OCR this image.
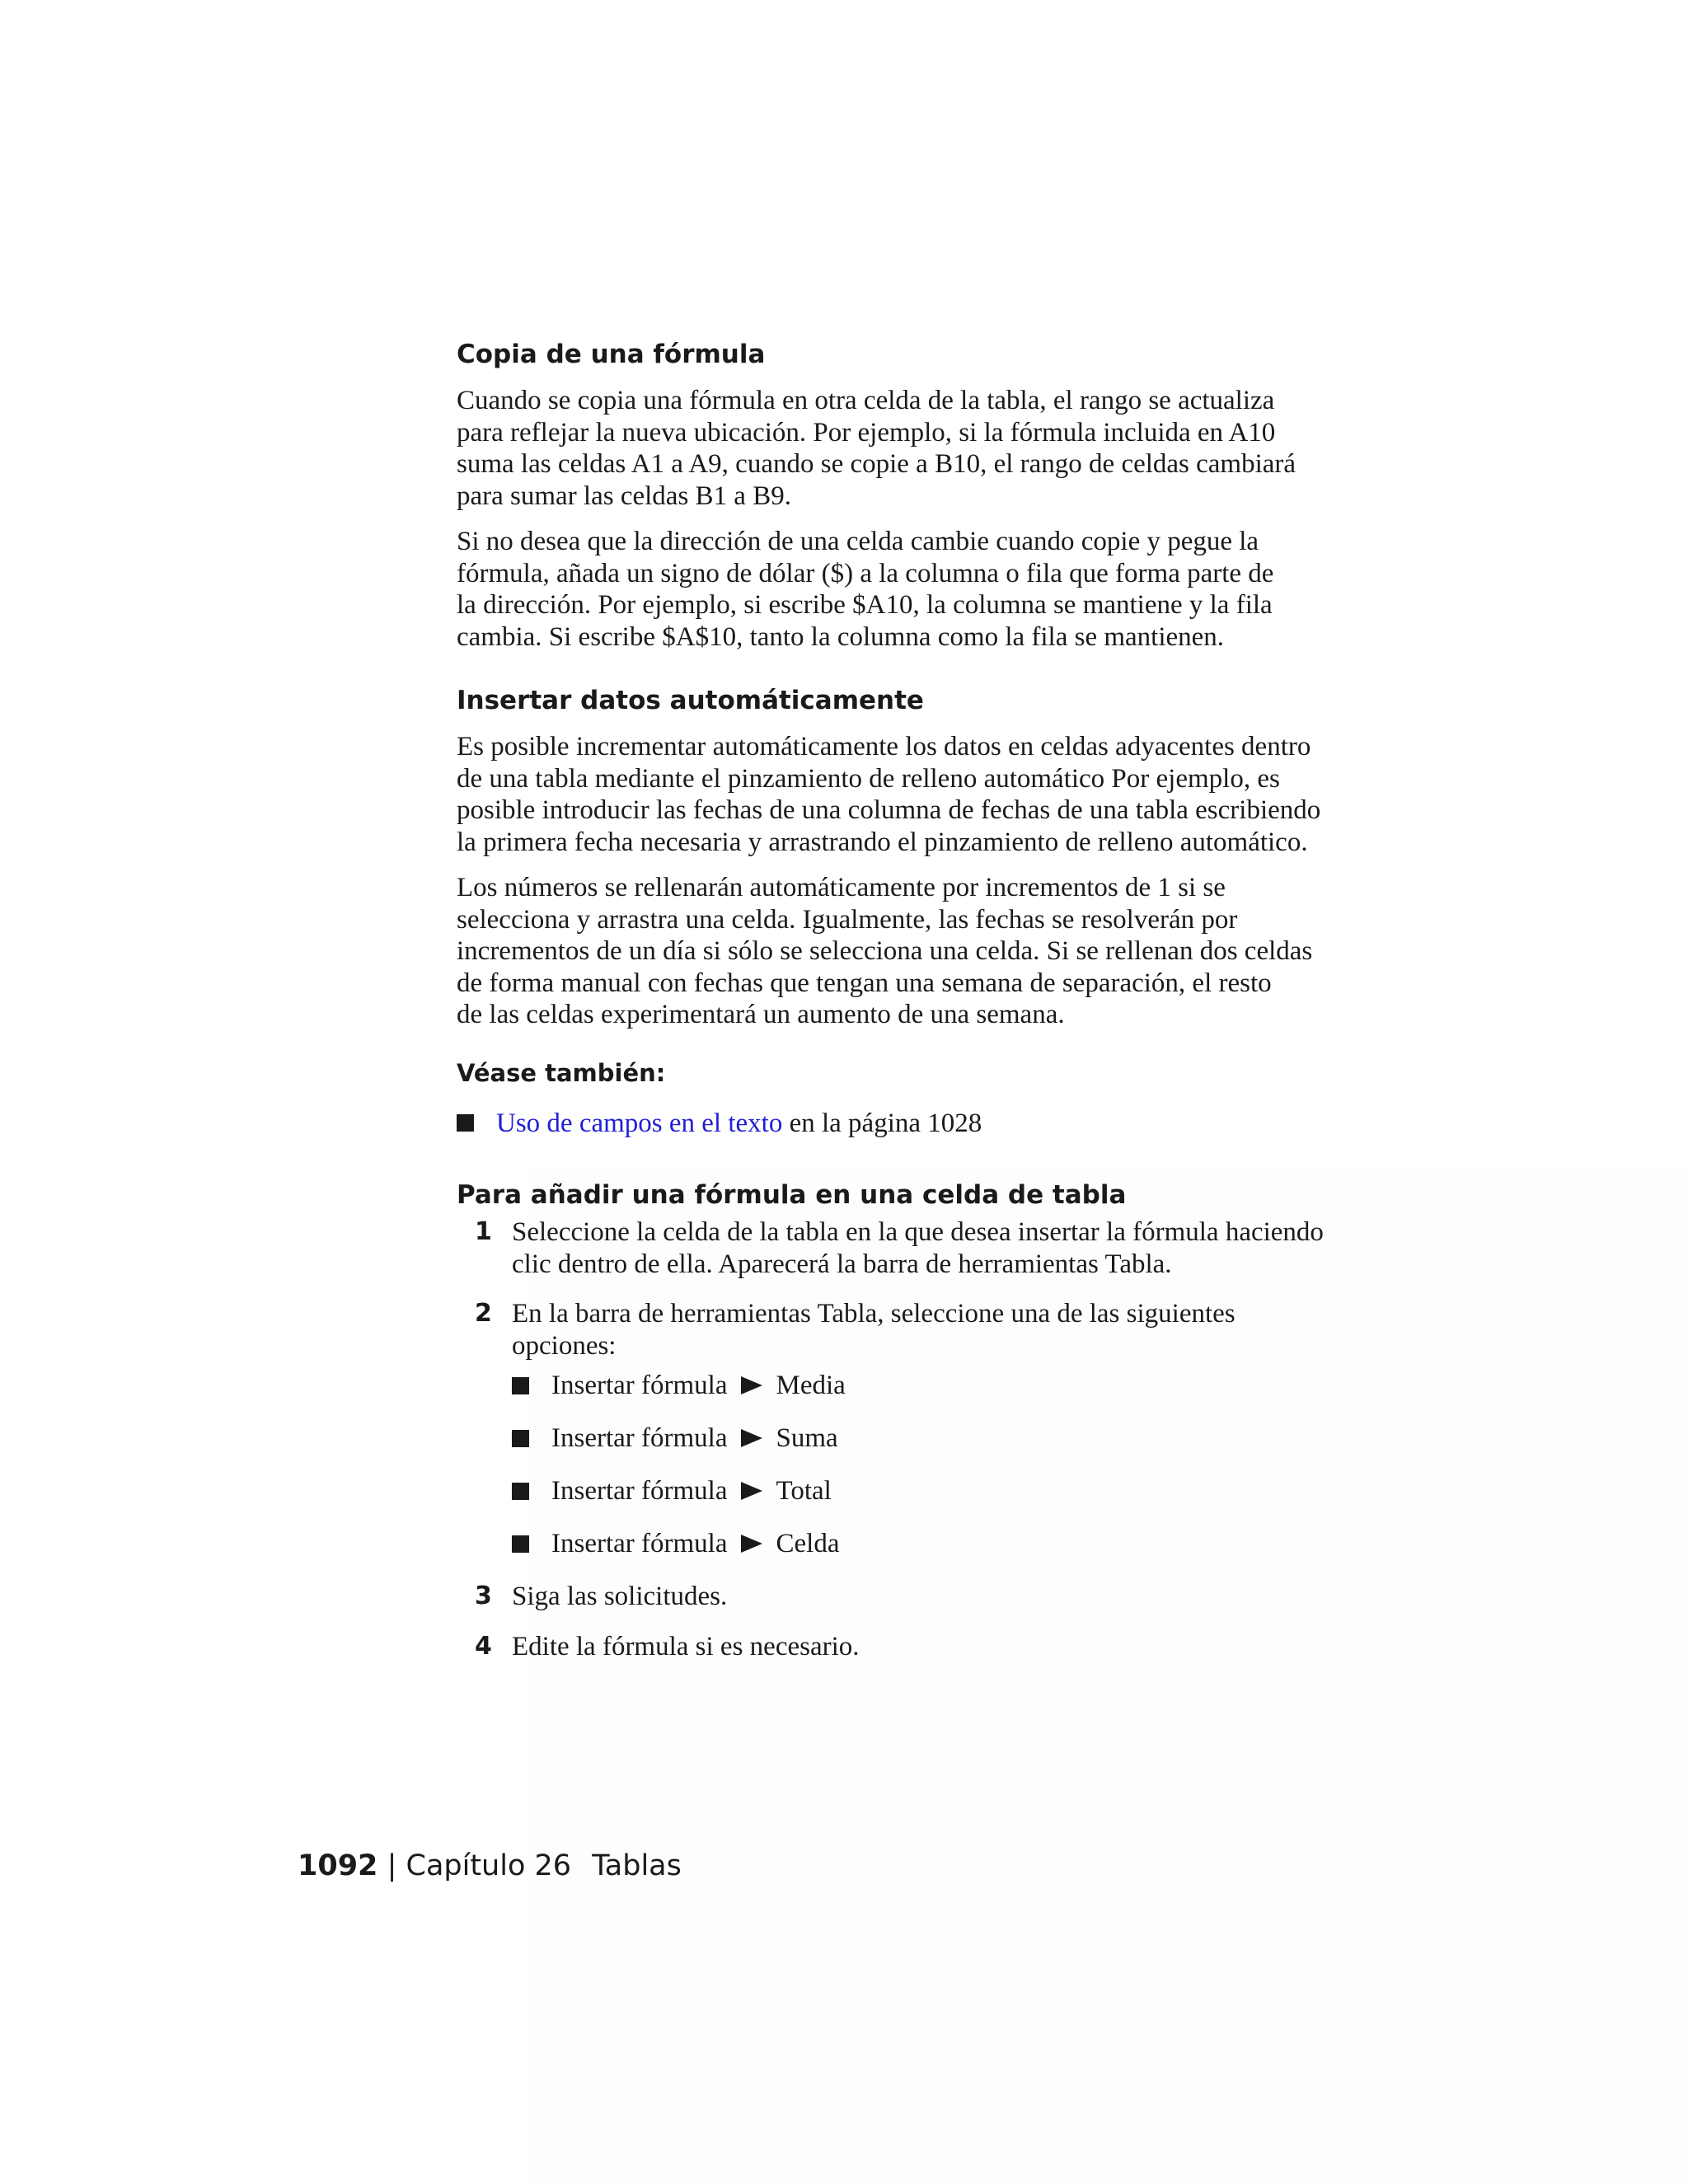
Copia de una fórmula

Cuando se copia una fórmula en otra celda de la tabla, el rango se actualiza
para reflejar la nueva ubicación. Por ejemplo, si la fórmula incluida en A10
suma las celdas A1 a A9, cuando se copie a B10, el rango de celdas cambiará
para sumar las celdas B1 a B9.

Si no desea que la dirección de una celda cambie cuando copie y pegue la
fórmula, añada un signo de dólar ($) a la columna o fila que forma parte de
la dirección. Por ejemplo, si escribe $A10, la columna se mantiene y la fila
cambia. Si escribe $A$10, tanto la columna como la fila se mantienen.

Insertar datos automáticamente

Es posible incrementar automáticamente los datos en celdas adyacentes dentro
de una tabla mediante el pinzamiento de relleno automático Por ejemplo, es
posible introducir las fechas de una columna de fechas de una tabla escribiendo
la primera fecha necesaria y arrastrando el pinzamiento de relleno automático.

Los números se rellenarán automáticamente por incrementos de 1 si se
selecciona y arrastra una celda. Igualmente, las fechas se resolverán por
incrementos de un día si sólo se selecciona una celda. Si se rellenan dos celdas
de forma manual con fechas que tengan una semana de separación, el resto
de las celdas experimentará un aumento de una semana.

Véase también:
Uso de campos en el texto en la página 1028
Para añadir una fórmula en una celda de tabla
1 Seleccione la celda de la tabla en la que desea insertar la fórmula haciendo
clic dentro de ella. Aparecerá la barra de herramientas Tabla.

2 En la barra de herramientas Tabla, seleccione una de las siguientes
opciones:

Insertar fórmula Media
Insertar fórmula Suma
Insertar fórmula Total
Insertar fórmula Celda
3 Siga las solicitudes.

4 Edite la fórmula si es necesario.

1092 | Capítulo 26 Tablas
